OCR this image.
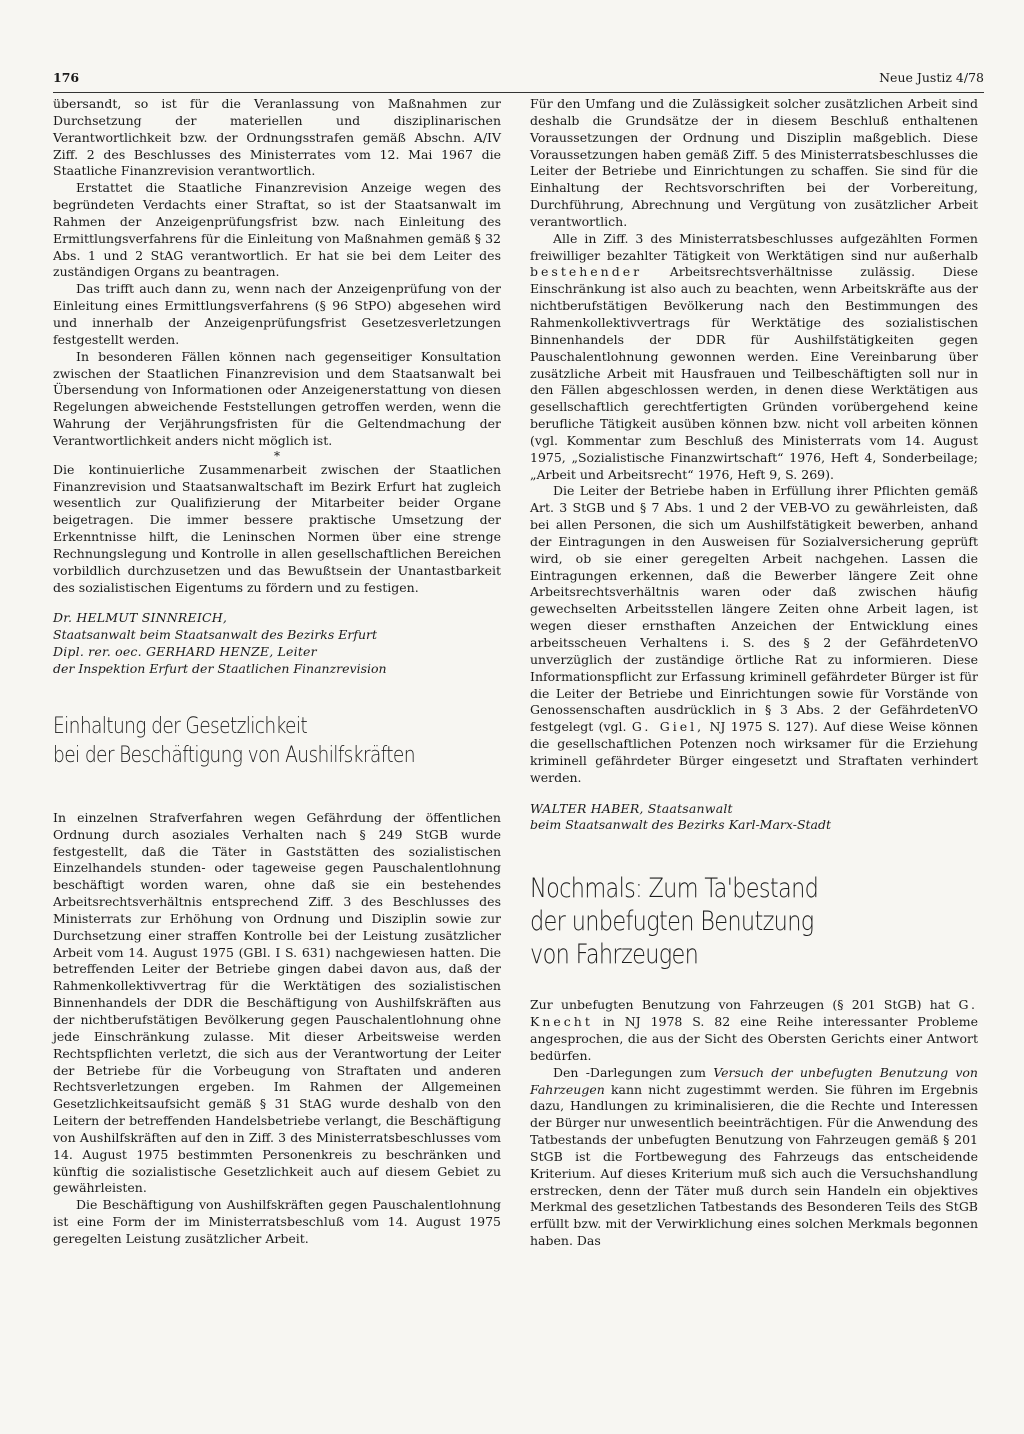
176	Neue Justiz 4/78

übersandt, so ist für die Veranlassung von Maßnahmen zur Durchsetzung der materiellen und disziplinarischen Verantwortlichkeit bzw. der Ordnungsstrafen gemäß Abschn. A/IV Ziff. 2 des Beschlusses des Ministerrates vom 12. Mai 1967 die Staatliche Finanzrevision verantwortlich.

Erstattet die Staatliche Finanzrevision Anzeige wegen des begründeten Verdachts einer Straftat, so ist der Staatsanwalt im Rahmen der Anzeigenprüfungsfrist bzw. nach Einleitung des Ermittlungsverfahrens für die Einleitung von Maßnahmen gemäß § 32 Abs. 1 und 2 StAG verantwortlich. Er hat sie bei dem Leiter des zuständigen Organs zu beantragen.

Das trifft auch dann zu, wenn nach der Anzeigenprüfung von der Einleitung eines Ermittlungsverfahrens (§ 96 StPO) abgesehen wird und innerhalb der Anzeigenprüfungsfrist Gesetzesverletzungen festgestellt werden.

In besonderen Fällen können nach gegenseitiger Konsultation zwischen der Staatlichen Finanzrevision und dem Staatsanwalt bei Übersendung von Informationen oder Anzeigenerstattung von diesen Regelungen abweichende Feststellungen getroffen werden, wenn die Wahrung der Verjährungsfristen für die Geltendmachung der Verantwortlichkeit anders nicht möglich ist.

*

Die kontinuierliche Zusammenarbeit zwischen der Staatlichen Finanzrevision und Staatsanwaltschaft im Bezirk Erfurt hat zugleich wesentlich zur Qualifizierung der Mitarbeiter beider Organe beigetragen. Die immer bessere praktische Umsetzung der Erkenntnisse hilft, die Leninschen Normen über eine strenge Rechnungslegung und Kontrolle in allen gesellschaftlichen Bereichen vorbildlich durchzusetzen und das Bewußtsein der Unantastbarkeit des sozialistischen Eigentums zu fördern und zu festigen.

Dr. HELMUT SINNREICH,
Staatsanwalt beim Staatsanwalt des Bezirks Erfurt
Dipl. rer. oec. GERHARD HENZE, Leiter
der Inspektion Erfurt der Staatlichen Finanzrevision
Einhaltung der Gesetzlichkeit
bei der Beschäftigung von Aushilfskräften

In einzelnen Strafverfahren wegen Gefährdung der öffentlichen Ordnung durch asoziales Verhalten nach § 249 StGB wurde festgestellt, daß die Täter in Gaststätten des sozialistischen Einzelhandels stunden- oder tageweise gegen Pauschalentlohnung beschäftigt worden waren, ohne daß sie ein bestehendes Arbeitsrechtsverhältnis entsprechend Ziff. 3 des Beschlusses des Ministerrats zur Erhöhung von Ordnung und Disziplin sowie zur Durchsetzung einer straffen Kontrolle bei der Leistung zusätzlicher Arbeit vom 14. August 1975 (GBl. I S. 631) nachgewiesen hatten. Die betreffenden Leiter der Betriebe gingen dabei davon aus, daß der Rahmenkollektivvertrag für die Werktätigen des sozialistischen Binnenhandels der DDR die Beschäftigung von Aushilfskräften aus der nichtberufstätigen Bevölkerung gegen Pauschalentlohnung ohne jede Einschränkung zulasse. Mit dieser Arbeitsweise werden Rechtspflichten verletzt, die sich aus der Verantwortung der Leiter der Betriebe für die Vorbeugung von Straftaten und anderen Rechtsverletzungen ergeben. Im Rahmen der Allgemeinen Gesetzlichkeitsaufsicht gemäß § 31 StAG wurde deshalb von den Leitern der betreffenden Handelsbetriebe verlangt, die Beschäftigung von Aushilfskräften auf den in Ziff. 3 des Ministerratsbeschlusses vom 14. August 1975 bestimmten Personenkreis zu beschränken und künftig die sozialistische Gesetzlichkeit auch auf diesem Gebiet zu gewährleisten.

Die Beschäftigung von Aushilfskräften gegen Pauschalentlohnung ist eine Form der im Ministerratsbeschluß vom 14. August 1975 geregelten Leistung zusätzlicher Arbeit.

Für den Umfang und die Zulässigkeit solcher zusätzlichen Arbeit sind deshalb die Grundsätze der in diesem Beschluß enthaltenen Voraussetzungen der Ordnung und Disziplin maßgeblich. Diese Voraussetzungen haben gemäß Ziff. 5 des Ministerratsbeschlusses die Leiter der Betriebe und Einrichtungen zu schaffen. Sie sind für die Einhaltung der Rechtsvorschriften bei der Vorbereitung, Durchführung, Abrechnung und Vergütung von zusätzlicher Arbeit verantwortlich.

Alle in Ziff. 3 des Ministerratsbeschlusses aufgezählten Formen freiwilliger bezahlter Tätigkeit von Werktätigen sind nur außerhalb bestehender Arbeitsrechtsverhältnisse zulässig. Diese Einschränkung ist also auch zu beachten, wenn Arbeitskräfte aus der nichtberufstätigen Bevölkerung nach den Bestimmungen des Rahmenkollektivvertrags für Werktätige des sozialistischen Binnenhandels der DDR für Aushilfstätigkeiten gegen Pauschalentlohnung gewonnen werden. Eine Vereinbarung über zusätzliche Arbeit mit Hausfrauen und Teilbeschäftigten soll nur in den Fällen abgeschlossen werden, in denen diese Werktätigen aus gesellschaftlich gerechtfertigten Gründen vorübergehend keine berufliche Tätigkeit ausüben können bzw. nicht voll arbeiten können (vgl. Kommentar zum Beschluß des Ministerrats vom 14. August 1975, „Sozialistische Finanzwirtschaft“ 1976, Heft 4, Sonderbeilage; „Arbeit und Arbeitsrecht“ 1976, Heft 9, S. 269).

Die Leiter der Betriebe haben in Erfüllung ihrer Pflichten gemäß Art. 3 StGB und § 7 Abs. 1 und 2 der VEB-VO zu gewährleisten, daß bei allen Personen, die sich um Aushilfstätigkeit bewerben, anhand der Eintragungen in den Ausweisen für Sozialversicherung geprüft wird, ob sie einer geregelten Arbeit nachgehen. Lassen die Eintragungen erkennen, daß die Bewerber längere Zeit ohne Arbeitsrechtsverhältnis waren oder daß zwischen häufig gewechselten Arbeitsstellen längere Zeiten ohne Arbeit lagen, ist wegen dieser ernsthaften Anzeichen der Entwicklung eines arbeitsscheuen Verhaltens i. S. des § 2 der GefährdetenVO unverzüglich der zuständige örtliche Rat zu informieren. Diese Informationspflicht zur Erfassung kriminell gefährdeter Bürger ist für die Leiter der Betriebe und Einrichtungen sowie für Vorstände von Genossenschaften ausdrücklich in § 3 Abs. 2 der GefährdetenVO festgelegt (vgl. G. Giel, NJ 1975 S. 127). Auf diese Weise können die gesellschaftlichen Potenzen noch wirksamer für die Erziehung kriminell gefährdeter Bürger eingesetzt und Straftaten verhindert werden.

WALTER HABER, Staatsanwalt
beim Staatsanwalt des Bezirks Karl-Marx-Stadt
Nochmals: Zum Ta'bestand
der unbefugten Benutzung
von Fahrzeugen

Zur unbefugten Benutzung von Fahrzeugen (§ 201 StGB) hat G. Knecht in NJ 1978 S. 82 eine Reihe interessanter Probleme angesprochen, die aus der Sicht des Obersten Gerichts einer Antwort bedürfen.

Den -Darlegungen zum Versuch der unbefugten Benutzung von Fahrzeugen kann nicht zugestimmt werden. Sie führen im Ergebnis dazu, Handlungen zu kriminalisieren, die die Rechte und Interessen der Bürger nur unwesentlich beeinträchtigen. Für die Anwendung des Tatbestands der unbefugten Benutzung von Fahrzeugen gemäß § 201 StGB ist die Fortbewegung des Fahrzeugs das entscheidende Kriterium. Auf dieses Kriterium muß sich auch die Versuchshandlung erstrecken, denn der Täter muß durch sein Handeln ein objektives Merkmal des gesetzlichen Tatbestands des Besonderen Teils des StGB erfüllt bzw. mit der Verwirklichung eines solchen Merkmals begonnen haben. Das
